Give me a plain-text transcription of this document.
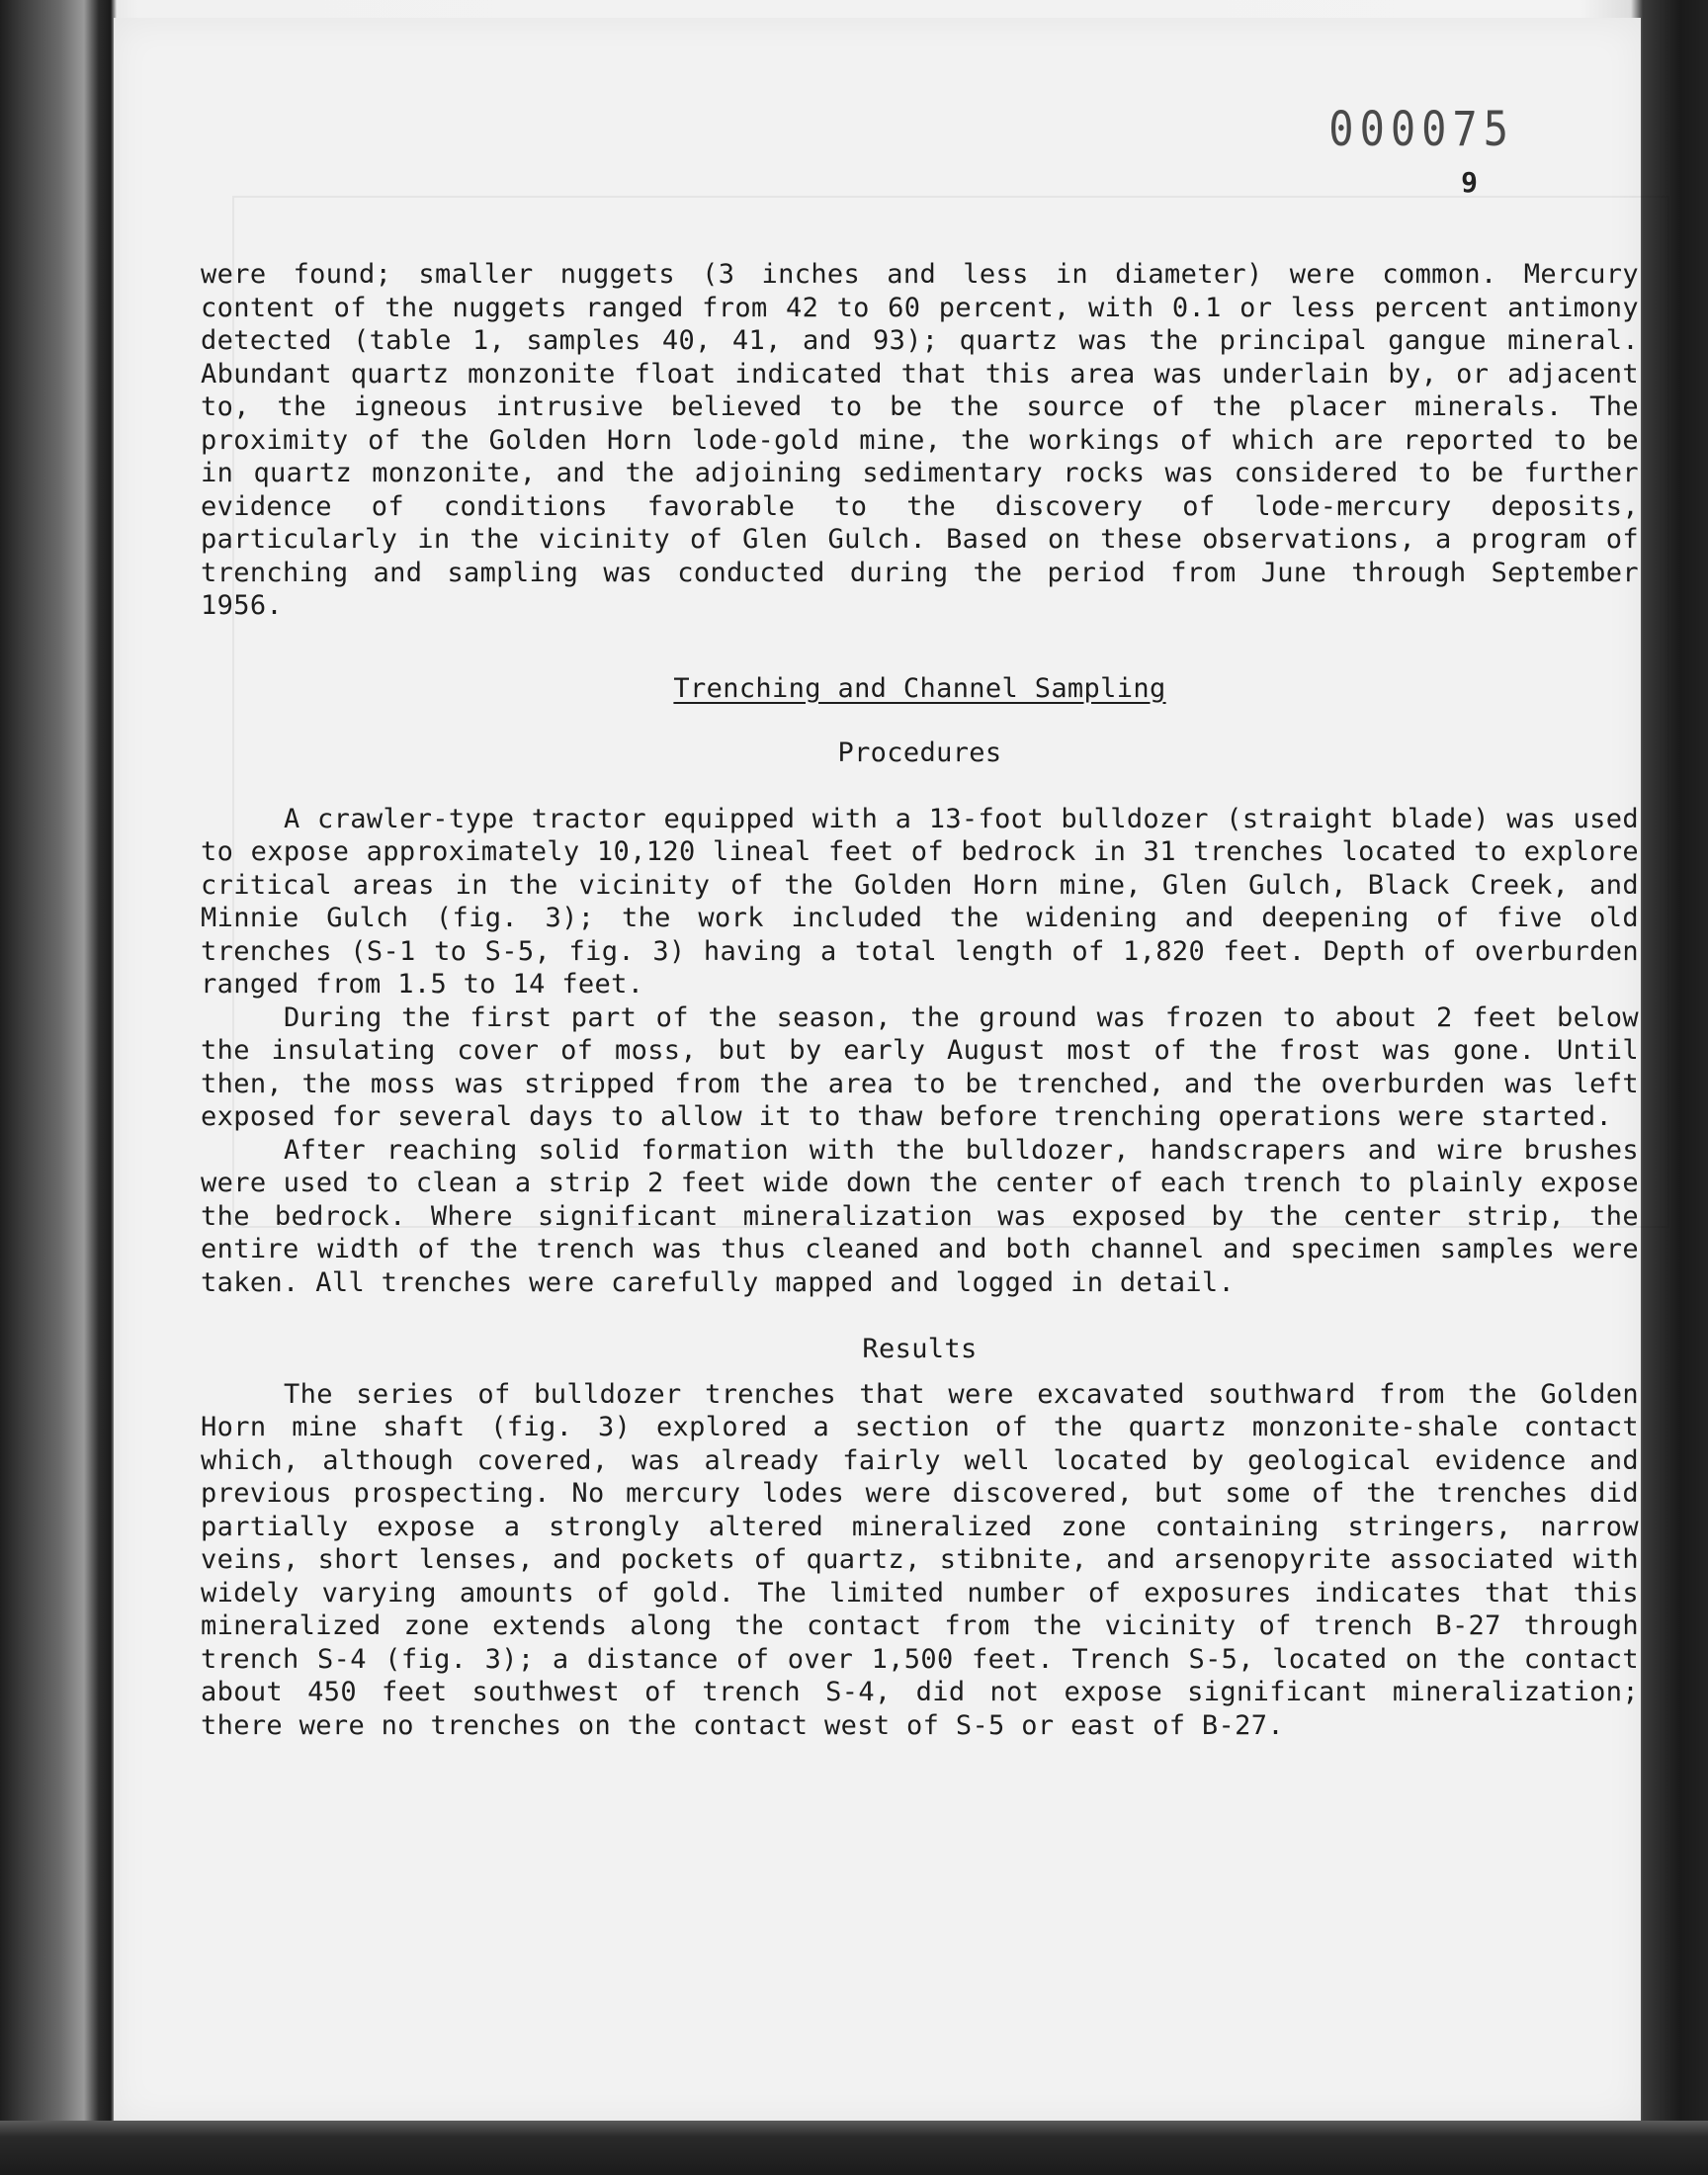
000075
9

were found; smaller nuggets (3 inches and less in diameter) were common. Mercury content of the nuggets ranged from 42 to 60 percent, with 0.1 or less percent antimony detected (table 1, samples 40, 41, and 93); quartz was the principal gangue mineral. Abundant quartz monzonite float indicated that this area was underlain by, or adjacent to, the igneous intrusive believed to be the source of the placer minerals. The proximity of the Golden Horn lode-gold mine, the workings of which are reported to be in quartz monzonite, and the adjoining sedimentary rocks was considered to be further evidence of conditions favorable to the discovery of lode-mercury deposits, particularly in the vicinity of Glen Gulch. Based on these observations, a program of trenching and sampling was conducted during the period from June through September 1956.

Trenching and Channel Sampling
Procedures

A crawler-type tractor equipped with a 13-foot bulldozer (straight blade) was used to expose approximately 10,120 lineal feet of bedrock in 31 trenches located to explore critical areas in the vicinity of the Golden Horn mine, Glen Gulch, Black Creek, and Minnie Gulch (fig. 3); the work included the widening and deepening of five old trenches (S-1 to S-5, fig. 3) having a total length of 1,820 feet. Depth of overburden ranged from 1.5 to 14 feet.

During the first part of the season, the ground was frozen to about 2 feet below the insulating cover of moss, but by early August most of the frost was gone. Until then, the moss was stripped from the area to be trenched, and the overburden was left exposed for several days to allow it to thaw before trenching operations were started.

After reaching solid formation with the bulldozer, handscrapers and wire brushes were used to clean a strip 2 feet wide down the center of each trench to plainly expose the bedrock. Where significant mineralization was exposed by the center strip, the entire width of the trench was thus cleaned and both channel and specimen samples were taken. All trenches were carefully mapped and logged in detail.

Results

The series of bulldozer trenches that were excavated southward from the Golden Horn mine shaft (fig. 3) explored a section of the quartz monzonite-shale contact which, although covered, was already fairly well located by geological evidence and previous prospecting. No mercury lodes were discovered, but some of the trenches did partially expose a strongly altered mineralized zone containing stringers, narrow veins, short lenses, and pockets of quartz, stibnite, and arsenopyrite associated with widely varying amounts of gold. The limited number of exposures indicates that this mineralized zone extends along the contact from the vicinity of trench B-27 through trench S-4 (fig. 3); a distance of over 1,500 feet. Trench S-5, located on the contact about 450 feet southwest of trench S-4, did not expose significant mineralization; there were no trenches on the contact west of S-5 or east of B-27.
